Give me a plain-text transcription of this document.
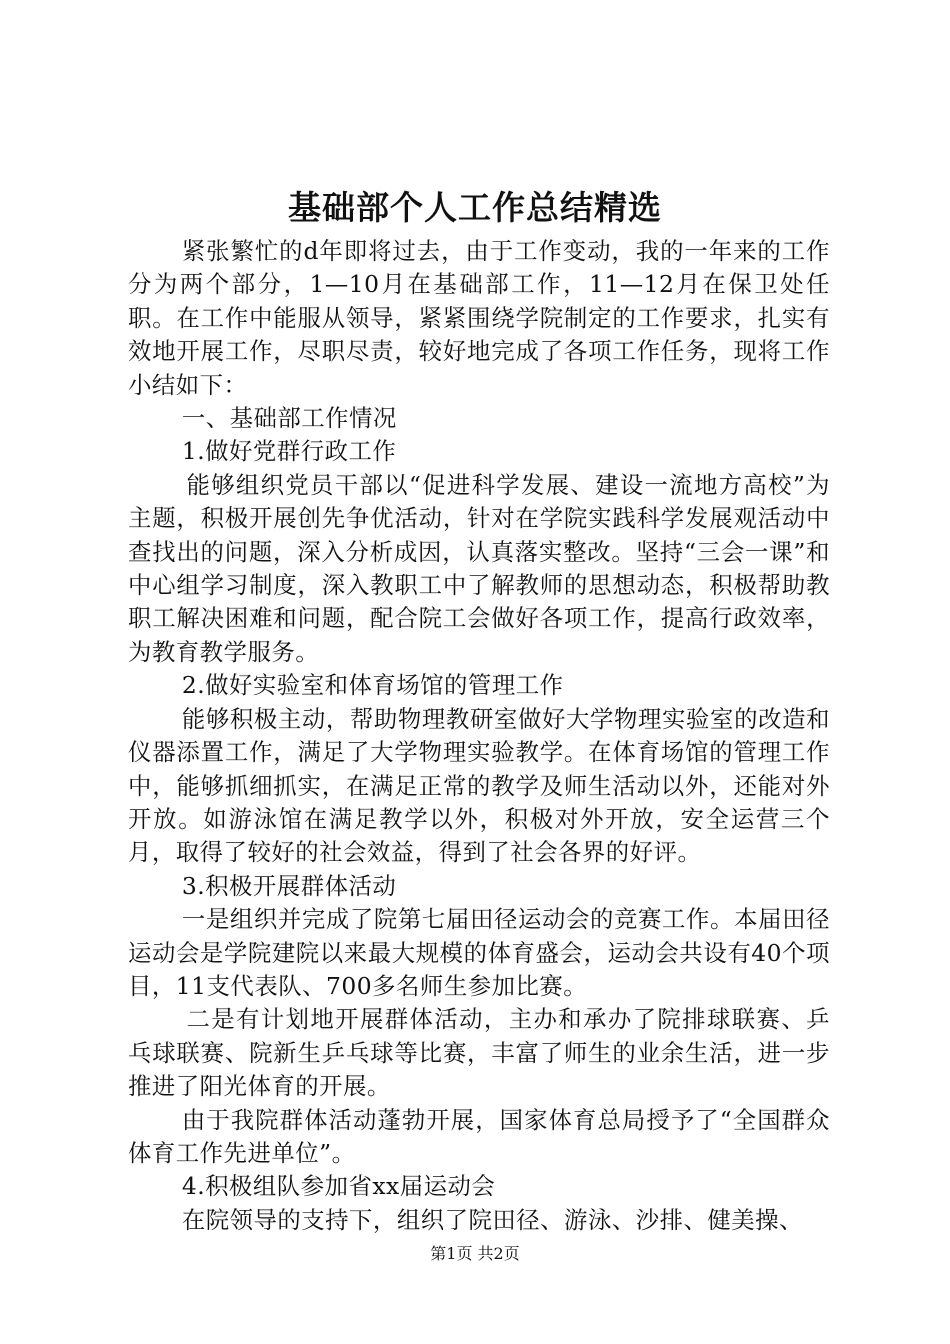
基础部个人工作总结精选

紧张繁忙的d年即将过去，由于工作变动，我的一年来的工作分为两个部分，1—10月在基础部工作，11—12月在保卫处任职。在工作中能服从领导，紧紧围绕学院制定的工作要求，扎实有效地开展工作，尽职尽责，较好地完成了各项工作任务，现将工作小结如下：

一、基础部工作情况

1.做好党群行政工作

能够组织党员干部以“促进科学发展、建设一流地方高校”为主题，积极开展创先争优活动，针对在学院实践科学发展观活动中查找出的问题，深入分析成因，认真落实整改。坚持“三会一课”和中心组学习制度，深入教职工中了解教师的思想动态，积极帮助教职工解决困难和问题，配合院工会做好各项工作，提高行政效率，为教育教学服务。

2.做好实验室和体育场馆的管理工作

能够积极主动，帮助物理教研室做好大学物理实验室的改造和仪器添置工作，满足了大学物理实验教学。在体育场馆的管理工作中，能够抓细抓实，在满足正常的教学及师生活动以外，还能对外开放。如游泳馆在满足教学以外，积极对外开放，安全运营三个月，取得了较好的社会效益，得到了社会各界的好评。

3.积极开展群体活动

一是组织并完成了院第七届田径运动会的竞赛工作。本届田径运动会是学院建院以来最大规模的体育盛会，运动会共设有40个项目，11支代表队、700多名师生参加比赛。

二是有计划地开展群体活动，主办和承办了院排球联赛、乒乓球联赛、院新生乒乓球等比赛，丰富了师生的业余生活，进一步推进了阳光体育的开展。

由于我院群体活动蓬勃开展，国家体育总局授予了“全国群众体育工作先进单位”。

4.积极组队参加省xx届运动会

在院领导的支持下，组织了院田径、游泳、沙排、健美操、

第1页 共2页
